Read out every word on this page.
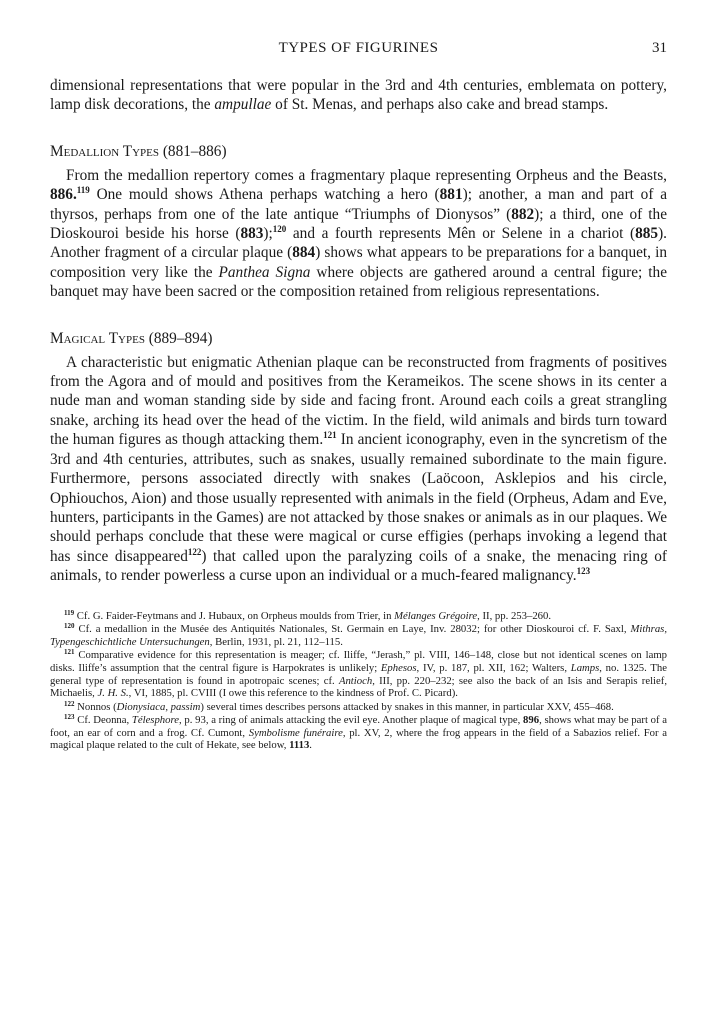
TYPES OF FIGURINES	31

dimensional representations that were popular in the 3rd and 4th centuries, emblemata on pottery, lamp disk decorations, the ampullae of St. Menas, and perhaps also cake and bread stamps.

Medallion Types (881–886)

From the medallion repertory comes a fragmentary plaque representing Orpheus and the Beasts, 886.$^{119}$ One mould shows Athena perhaps watching a hero (881); another, a man and part of a thyrsos, perhaps from one of the late antique “Triumphs of Dionysos” (882); a third, one of the Dioskouroi beside his horse (883);$^{120}$ and a fourth represents Mên or Selene in a chariot (885). Another fragment of a circular plaque (884) shows what appears to be preparations for a banquet, in composition very like the Panthea Signa where objects are gathered around a central figure; the banquet may have been sacred or the composition retained from religious representations.

Magical Types (889–894)

A characteristic but enigmatic Athenian plaque can be reconstructed from fragments of positives from the Agora and of mould and positives from the Kerameikos. The scene shows in its center a nude man and woman standing side by side and facing front. Around each coils a great strangling snake, arching its head over the head of the victim. In the field, wild animals and birds turn toward the human figures as though attacking them.$^{121}$ In ancient iconography, even in the syncretism of the 3rd and 4th centuries, attributes, such as snakes, usually remained subordinate to the main figure. Furthermore, persons associated directly with snakes (Laöcoon, Asklepios and his circle, Ophiouchos, Aion) and those usually represented with animals in the field (Orpheus, Adam and Eve, hunters, participants in the Games) are not attacked by those snakes or animals as in our plaques. We should perhaps conclude that these were magical or curse effigies (perhaps invoking a legend that has since disappeared$^{122}$) that called upon the paralyzing coils of a snake, the menacing ring of animals, to render powerless a curse upon an individual or a much-feared malignancy.$^{123}$

$^{119}$ Cf. G. Faider-Feytmans and J. Hubaux, on Orpheus moulds from Trier, in Mélanges Grégoire, II, pp. 253–260.

$^{120}$ Cf. a medallion in the Musée des Antiquités Nationales, St. Germain en Laye, Inv. 28032; for other Dioskouroi cf. F. Saxl, Mithras, Typengeschichtliche Untersuchungen, Berlin, 1931, pl. 21, 112–115.

$^{121}$ Comparative evidence for this representation is meager; cf. Iliffe, “Jerash,” pl. VIII, 146–148, close but not identical scenes on lamp disks. Iliffe’s assumption that the central figure is Harpokrates is unlikely; Ephesos, IV, p. 187, pl. XII, 162; Walters, Lamps, no. 1325. The general type of representation is found in apotropaic scenes; cf. Antioch, III, pp. 220–232; see also the back of an Isis and Serapis relief, Michaelis, J. H. S., VI, 1885, pl. CVIII (I owe this reference to the kindness of Prof. C. Picard).

$^{122}$ Nonnos (Dionysiaca, passim) several times describes persons attacked by snakes in this manner, in particular XXV, 455–468.

$^{123}$ Cf. Deonna, Télesphore, p. 93, a ring of animals attacking the evil eye. Another plaque of magical type, 896, shows what may be part of a foot, an ear of corn and a frog. Cf. Cumont, Symbolisme funéraire, pl. XV, 2, where the frog appears in the field of a Sabazios relief. For a magical plaque related to the cult of Hekate, see below, 1113.
